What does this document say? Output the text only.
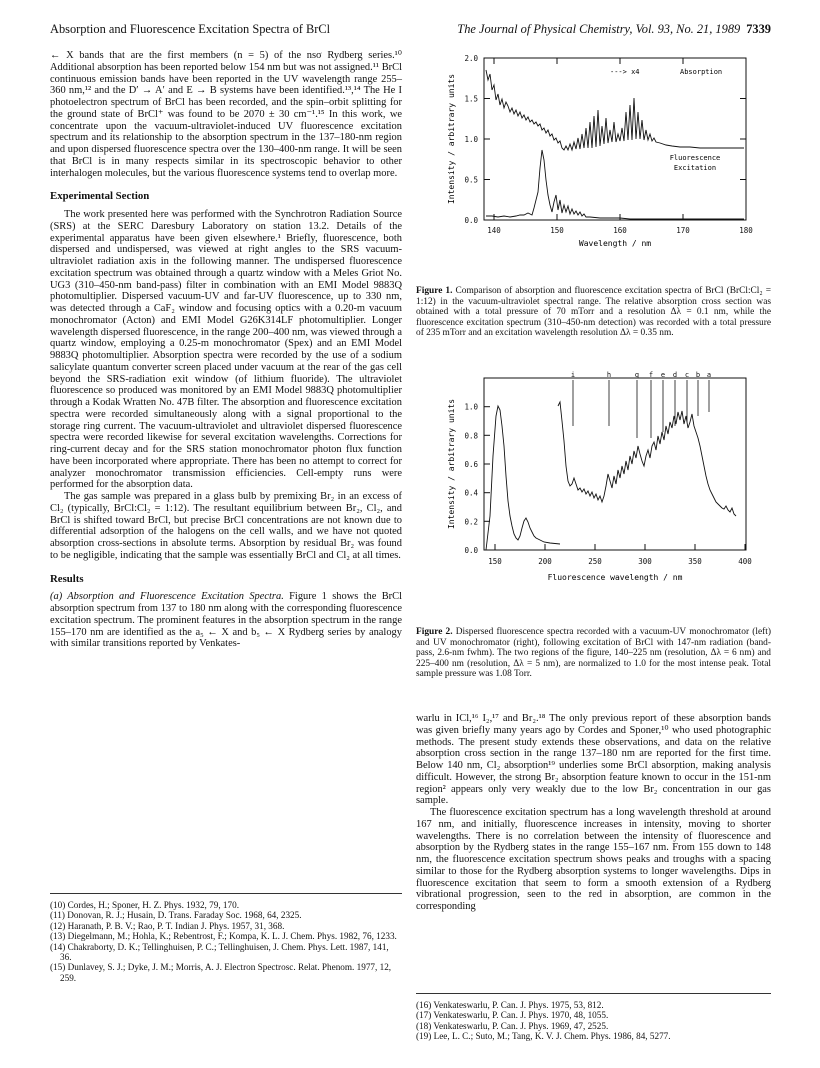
Absorption and Fluorescence Excitation Spectra of BrCl	The Journal of Physical Chemistry, Vol. 93, No. 21, 1989 7339

← X bands that are the first members (n = 5) of the nsσ Rydberg series.¹⁰ Additional absorption has been reported below 154 nm but was not assigned.¹¹ BrCl continuous emission bands have been reported in the UV wavelength range 255–360 nm,¹² and the D′ → A′ and E → B systems have been identified.¹³,¹⁴ The He I photoelectron spectrum of BrCl has been recorded, and the spin–orbit splitting for the ground state of BrCl⁺ was found to be 2070 ± 30 cm⁻¹.¹⁵ In this work, we concentrate upon the vacuum-ultraviolet-induced UV fluorescence excitation spectrum and its relationship to the absorption spectrum in the 137–180-nm region and upon dispersed fluorescence spectra over the 130–400-nm range. It will be seen that BrCl is in many respects similar in its spectroscopic behavior to other interhalogen molecules, but the various fluorescence systems tend to overlap more.

Experimental Section

The work presented here was performed with the Synchrotron Radiation Source (SRS) at the SERC Daresbury Laboratory on station 13.2. Details of the experimental apparatus have been given elsewhere.¹ Briefly, fluorescence, both dispersed and undispersed, was viewed at right angles to the SRS vacuum-ultraviolet radiation axis in the following manner. The undispersed fluorescence excitation spectrum was obtained through a quartz window with a Meles Griot No. UG3 (310–450-nm band-pass) filter in combination with an EMI Model 9883Q photomultiplier. Dispersed vacuum-UV and far-UV fluorescence, up to 330 nm, was detected through a CaF₂ window and focusing optics with a 0.20-m vacuum monochromator (Acton) and EMI Model G26K314LF photomultiplier. Longer wavelength dispersed fluorescence, in the range 200–400 nm, was viewed through a quartz window, employing a 0.25-m monochromator (Spex) and an EMI Model 9883Q photomultiplier. Absorption spectra were recorded by the use of a sodium salicylate quantum converter screen placed under vacuum at the rear of the gas cell beyond the SRS-radiation exit window (of lithium fluoride). The ultraviolet fluorescence so produced was monitored by an EMI Model 9883Q photomultiplier through a Kodak Wratten No. 47B filter. The absorption and fluorescence excitation spectra were recorded simultaneously along with a signal proportional to the storage ring current. The vacuum-ultraviolet and ultraviolet dispersed fluorescence spectra were recorded likewise for several excitation wavelengths. Corrections for ring-current decay and for the SRS station monochromator photon flux function have been incorporated where appropriate. There has been no attempt to correct for analyzer monochromator transmission efficiencies. Cell-empty runs were performed for the absorption data.

The gas sample was prepared in a glass bulb by premixing Br₂ in an excess of Cl₂ (typically, BrCl:Cl₂ = 1:12). The resultant equilibrium between Br₂, Cl₂, and BrCl is shifted toward BrCl, but precise BrCl concentrations are not known due to differential adsorption of the halogens on the cell walls, and we have not quoted absorption cross-sections in absolute terms. Absorption by residual Br₂ was found to be negligible, indicating that the sample was essentially BrCl and Cl₂ at all times.

Results

(a) Absorption and Fluorescence Excitation Spectra. Figure 1 shows the BrCl absorption spectrum from 137 to 180 nm along with the corresponding fluorescence excitation spectrum. The prominent features in the absorption spectrum in the range 155–170 nm are identified as the a₅ ← X and b₅ ← X Rydberg series by analogy with similar transitions reported by Venkates-

(10) Cordes, H.; Sponer, H. Z. Phys. 1932, 79, 170.
(11) Donovan, R. J.; Husain, D. Trans. Faraday Soc. 1968, 64, 2325.
(12) Haranath, P. B. V.; Rao, P. T. Indian J. Phys. 1957, 31, 368.
(13) Diegelmann, M.; Hohla, K.; Rebentrost, F.; Kompa, K. L. J. Chem. Phys. 1982, 76, 1233.
(14) Chakraborty, D. K.; Tellinghuisen, P. C.; Tellinghuisen, J. Chem. Phys. Lett. 1987, 141, 36.
(15) Dunlavey, S. J.; Dyke, J. M.; Morris, A. J. Electron Spectrosc. Relat. Phenom. 1977, 12, 259.
0.0
0.5
1.0
1.5
2.0
140	150	160	170	180
Wavelength / nm
Intensity / arbitrary units
---> x4	Absorption
Fluorescence
Excitation
Figure 1. Comparison of absorption and fluorescence excitation spectra of BrCl (BrCl:Cl₂ = 1:12) in the vacuum-ultraviolet spectral range. The relative absorption cross section was obtained with a total pressure of 70 mTorr and a resolution Δλ = 0.1 nm, while the fluorescence excitation spectrum (310–450-nm detection) was recorded with a total pressure of 235 mTorr and an excitation wavelength resolution Δλ = 0.35 nm.
0.0
0.2
0.4
0.6
0.8
1.0
150	200	250	300	350	400
Fluorescence wavelength / nm
Intensity / arbitrary units
i	h	g f e d c b a
Figure 2. Dispersed fluorescence spectra recorded with a vacuum-UV monochromator (left) and UV monochromator (right), following excitation of BrCl with 147-nm radiation (band-pass, 2.6-nm fwhm). The two regions of the figure, 140–225 nm (resolution, Δλ = 6 nm) and 225–400 nm (resolution, Δλ = 5 nm), are normalized to 1.0 for the most intense peak. Total sample pressure was 1.08 Torr.

warlu in ICl,¹⁶ I₂,¹⁷ and Br₂.¹⁸ The only previous report of these absorption bands was given briefly many years ago by Cordes and Sponer,¹⁰ who used photographic methods. The present study extends these observations, and data on the relative absorption cross section in the range 137–180 nm are reported for the first time. Below 140 nm, Cl₂ absorption¹⁹ underlies some BrCl absorption, making analysis difficult. However, the strong Br₂ absorption feature known to occur in the 151-nm region² appears only very weakly due to the low Br₂ concentration in our gas sample.

The fluorescence excitation spectrum has a long wavelength threshold at around 167 nm, and initially, fluorescence increases in intensity, moving to shorter wavelengths. There is no correlation between the intensity of fluorescence and absorption by the Rydberg states in the range 155–167 nm. From 155 down to 148 nm, the fluorescence excitation spectrum shows peaks and troughs with a spacing similar to those for the Rydberg absorption systems to longer wavelengths. Dips in fluorescence excitation that seem to form a smooth extension of a Rydberg vibrational progression, seen to the red in absorption, are common in the corresponding

(16) Venkateswarlu, P. Can. J. Phys. 1975, 53, 812.
(17) Venkateswarlu, P. Can. J. Phys. 1970, 48, 1055.
(18) Venkateswarlu, P. Can. J. Phys. 1969, 47, 2525.
(19) Lee, L. C.; Suto, M.; Tang, K. V. J. Chem. Phys. 1986, 84, 5277.
